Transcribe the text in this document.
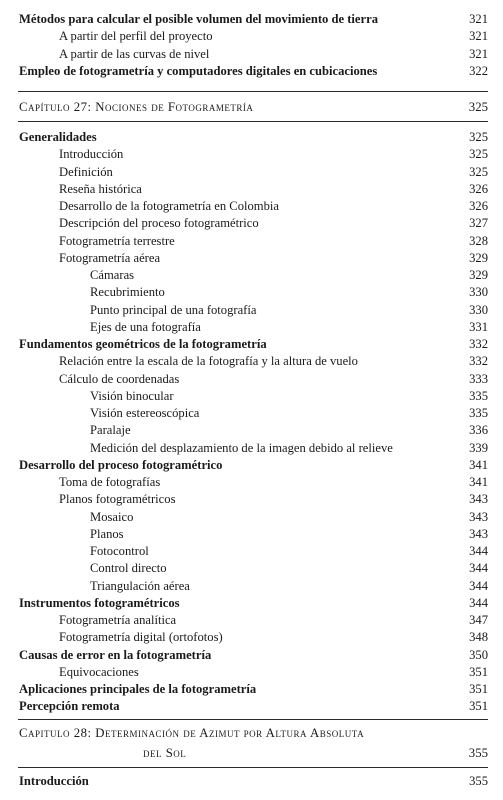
Métodos para calcular el posible volumen del movimiento de tierra	321
A partir del perfil del proyecto	321
A partir de las curvas de nivel	321
Empleo de fotogrametría y computadores digitales en cubicaciones	322
Capítulo 27: Nociones de Fotogrametría	325
Generalidades	325
Introducción	325
Definición	325
Reseña histórica	326
Desarrollo de la fotogrametría en Colombia	326
Descripción del proceso fotogramétrico	327
Fotogrametría terrestre	328
Fotogrametría aérea	329
Cámaras	329
Recubrimiento	330
Punto principal de una fotografía	330
Ejes de una fotografía	331
Fundamentos geométricos de la fotogrametría	332
Relación entre la escala de la fotografía y la altura de vuelo	332
Cálculo de coordenadas	333
Visión binocular	335
Visión estereoscópica	335
Paralaje	336
Medición del desplazamiento de la imagen debido al relieve	339
Desarrollo del proceso fotogramétrico	341
Toma de fotografías	341
Planos fotogramétricos	343
Mosaico	343
Planos	343
Fotocontrol	344
Control directo	344
Triangulación aérea	344
Instrumentos fotogramétricos	344
Fotogrametría analítica	347
Fotogrametría digital (ortofotos)	348
Causas de error en la fotogrametría	350
Equivocaciones	351
Aplicaciones principales de la fotogrametría	351
Percepción remota	351
Capitulo 28: Determinación de Azimut por Altura Absoluta
del Sol	355
Introducción	355
